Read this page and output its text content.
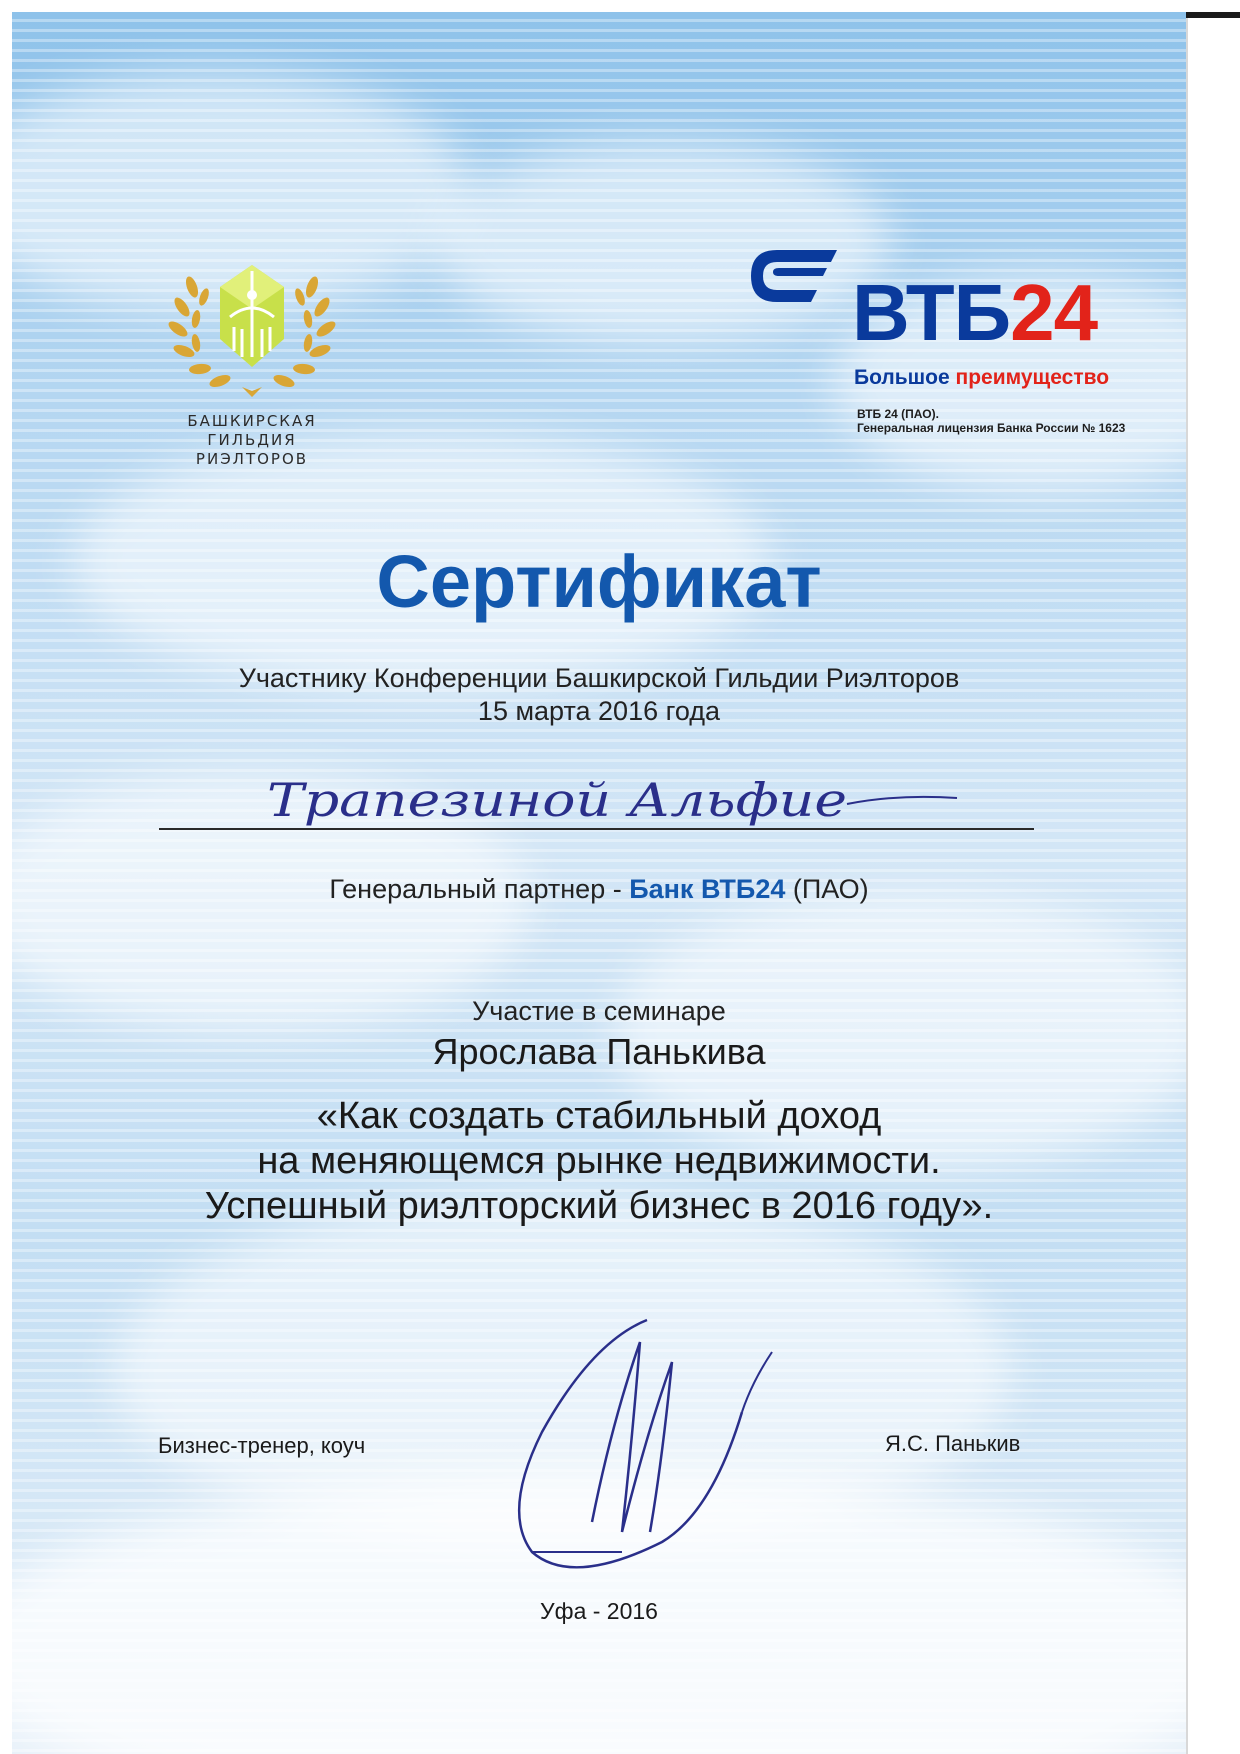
БАШКИРСКАЯ
ГИЛЬДИЯ
РИЭЛТОРОВ
ВТБ24
Большое преимущество
ВТБ 24 (ПАО).
Генеральная лицензия Банка России № 1623
Сертификат
Участнику Конференции Башкирской Гильдии Риэлторов
15 марта 2016 года
Трапезиной Альфие
Генеральный партнер - Банк ВТБ24 (ПАО)
Участие в семинаре
Ярослава Панькива
«Как создать стабильный доход
на меняющемся рынке недвижимости.
Успешный риэлторский бизнес в 2016 году».
Бизнес-тренер, коуч	Я.С. Панькив
Уфа - 2016
